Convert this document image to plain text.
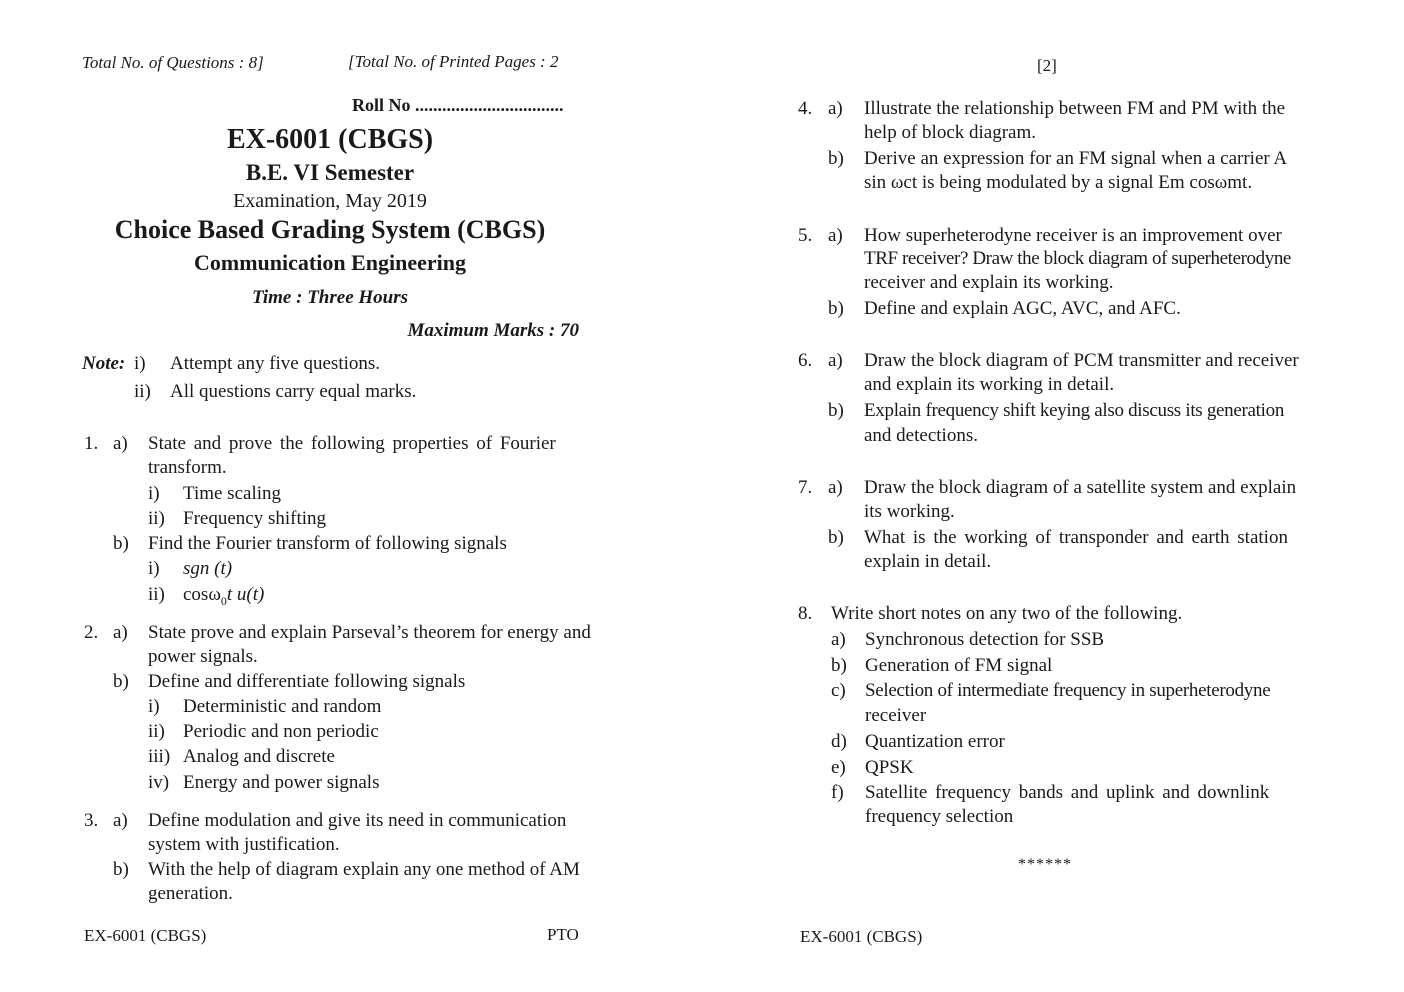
Total No. of Questions : 8]	[Total No. of Printed Pages : 2
Roll No .................................
EX-6001 (CBGS)
B.E. VI Semester
Examination, May 2019
Choice Based Grading System (CBGS)
Communication Engineering
Time : Three Hours
Maximum Marks : 70
Note: i) Attempt any five questions.
ii) All questions carry equal marks.
1. a) State and prove the following properties of Fourier
transform.
i) Time scaling
ii) Frequency shifting
b) Find the Fourier transform of following signals
i) sgn (t)
ii) cosω$_0$t u(t)
2. a) State prove and explain Parseval’s theorem for energy and
power signals.
b) Define and differentiate following signals
i) Deterministic and random
ii) Periodic and non periodic
iii) Analog and discrete
iv) Energy and power signals
3. a) Define modulation and give its need in communication
system with justification.
b) With the help of diagram explain any one method of AM
generation.
EX-6001 (CBGS)	PTO
[2]
4. a) Illustrate the relationship between FM and PM with the
help of block diagram.
b) Derive an expression for an FM signal when a carrier A
sin ωct is being modulated by a signal Em cosωmt.
5. a) How superheterodyne receiver is an improvement over
TRF receiver? Draw the block diagram of superheterodyne
receiver and explain its working.
b) Define and explain AGC, AVC, and AFC.
6. a) Draw the block diagram of PCM transmitter and receiver
and explain its working in detail.
b) Explain frequency shift keying also discuss its generation
and detections.
7. a) Draw the block diagram of a satellite system and explain
its working.
b) What is the working of transponder and earth station
explain in detail.
8. Write short notes on any two of the following.
a) Synchronous detection for SSB
b) Generation of FM signal
c) Selection of intermediate frequency in superheterodyne
receiver
d) Quantization error
e) QPSK
f) Satellite frequency bands and uplink and downlink
frequency selection
******
EX-6001 (CBGS)
